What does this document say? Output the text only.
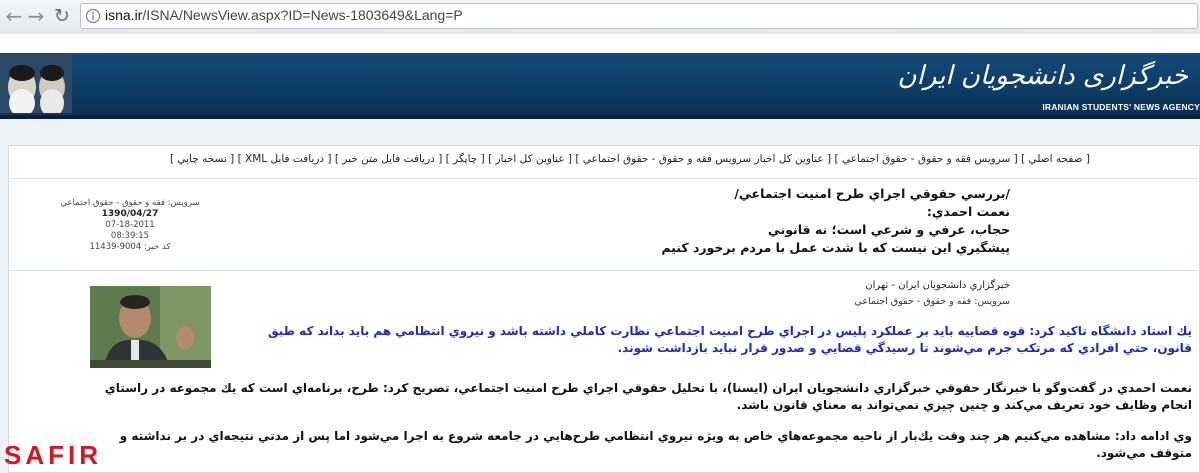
← → ↻	isna.ir/ISNA/NewsView.aspx?ID=News-1803649&Lang=P
خبرگزاری دانشجویان ایران
IRANIAN STUDENTS' NEWS AGENCY
[ صفحه اصلي ] [ سرويس فقه و حقوق - حقوق اجتماعي ] [ عناوين كل اخبار سرويس فقه و حقوق - حقوق اجتماعي ] [ عناوين كل اخبار ] [ چاپگر ] [ دريافت فايل متن خبر ] [ دريافت فايل XML ] [ نسخه چاپي ]
سرويس: فقه و حقوق - حقوق اجتماعي
1390/04/27
07-18-2011
08:39:15
كد خبر: 9004-11439
/بررسي حقوقي اجراي طرح امنيت اجتماعي/
نعمت احمدي:
حجاب، عرفي و شرعي است؛ نه قانوني
پيشگيري اين نيست كه با شدت عمل با مردم برخورد كنيم
خبرگزاري دانشجويان ايران - تهران
سرويس: فقه و حقوق - حقوق اجتماعي
يك استاد دانشگاه تاكيد كرد: قوه قضاييه بايد بر عملكرد پليس در اجراي طرح امنيت اجتماعي نظارت كاملي داشته باشد و نيروي انتظامي هم بايد بداند كه طبق قانون، حتي افرادي كه مرتكب جرم مي‌شوند تا رسيدگي قضايي و صدور قرار نبايد بازداشت شوند.
نعمت احمدي در گفت‌وگو با خبرنگار حقوقي خبرگزاري دانشجويان ايران (ايسنا)، با تحليل حقوقي اجراي طرح امنيت اجتماعي، تصريح كرد: طرح، برنامه‌اي است كه يك مجموعه در راستاي انجام وظايف خود تعريف مي‌كند و چنين چيزي نمي‌تواند به معناي قانون باشد.
وي ادامه داد: مشاهده مي‌كنيم هر چند وقت يك‌بار از ناحيه مجموعه‌هاي خاص به ويژه نيروي انتظامي طرح‌هايي در جامعه شروع به اجرا مي‌شود اما پس از مدتي نتيجه‌اي در بر نداشته و متوقف مي‌شود.
SAFIR
